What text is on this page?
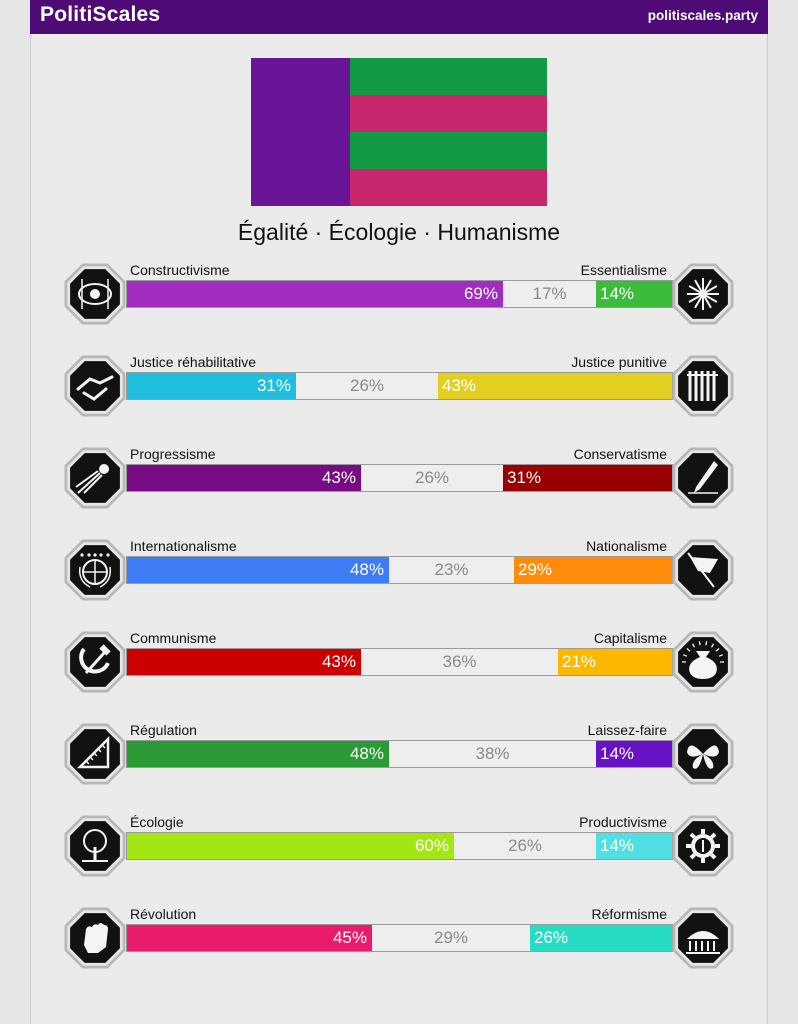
PolitiScales	politiscales.party
Égalité · Écologie · Humanisme
Constructivisme	Essentialisme
69%	17%	14%
Justice réhabilitative	Justice punitive
31%	26%	43%
Progressisme	Conservatisme
43%	26%	31%
Internationalisme	Nationalisme
48%	23%	29%
Communisme	Capitalisme
43%	36%	21%
Régulation	Laissez-faire
48%	38%	14%
Écologie	Productivisme
60%	26%	14%
Révolution	Réformisme
45%	29%	26%
